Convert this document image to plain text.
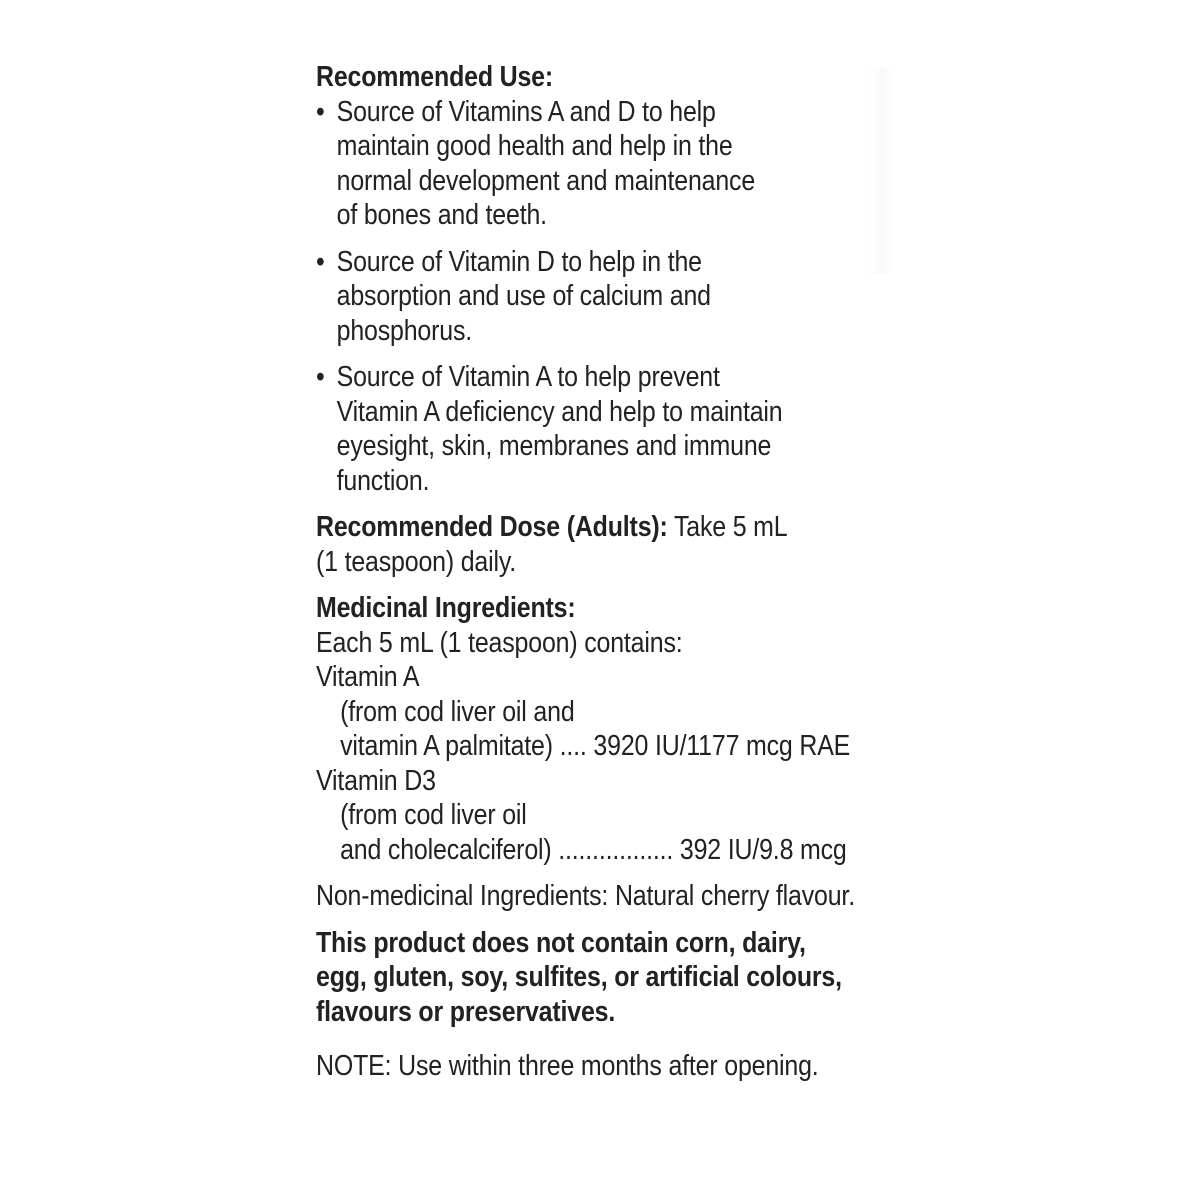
Recommended Use:
• Source of Vitamins A and D to help
maintain good health and help in the
normal development and maintenance
of bones and teeth.
• Source of Vitamin D to help in the
absorption and use of calcium and
phosphorus.
• Source of Vitamin A to help prevent
Vitamin A deficiency and help to maintain
eyesight, skin, membranes and immune
function.
Recommended Dose (Adults): Take 5 mL
(1 teaspoon) daily.
Medicinal Ingredients:
Each 5 mL (1 teaspoon) contains:
Vitamin A
(from cod liver oil and
vitamin A palmitate) .... 3920 IU/1177 mcg RAE
Vitamin D3
(from cod liver oil
and cholecalciferol) ................. 392 IU/9.8 mcg
Non-medicinal Ingredients: Natural cherry flavour.
This product does not contain corn, dairy,
egg, gluten, soy, sulfites, or artificial colours,
flavours or preservatives.
NOTE: Use within three months after opening.
